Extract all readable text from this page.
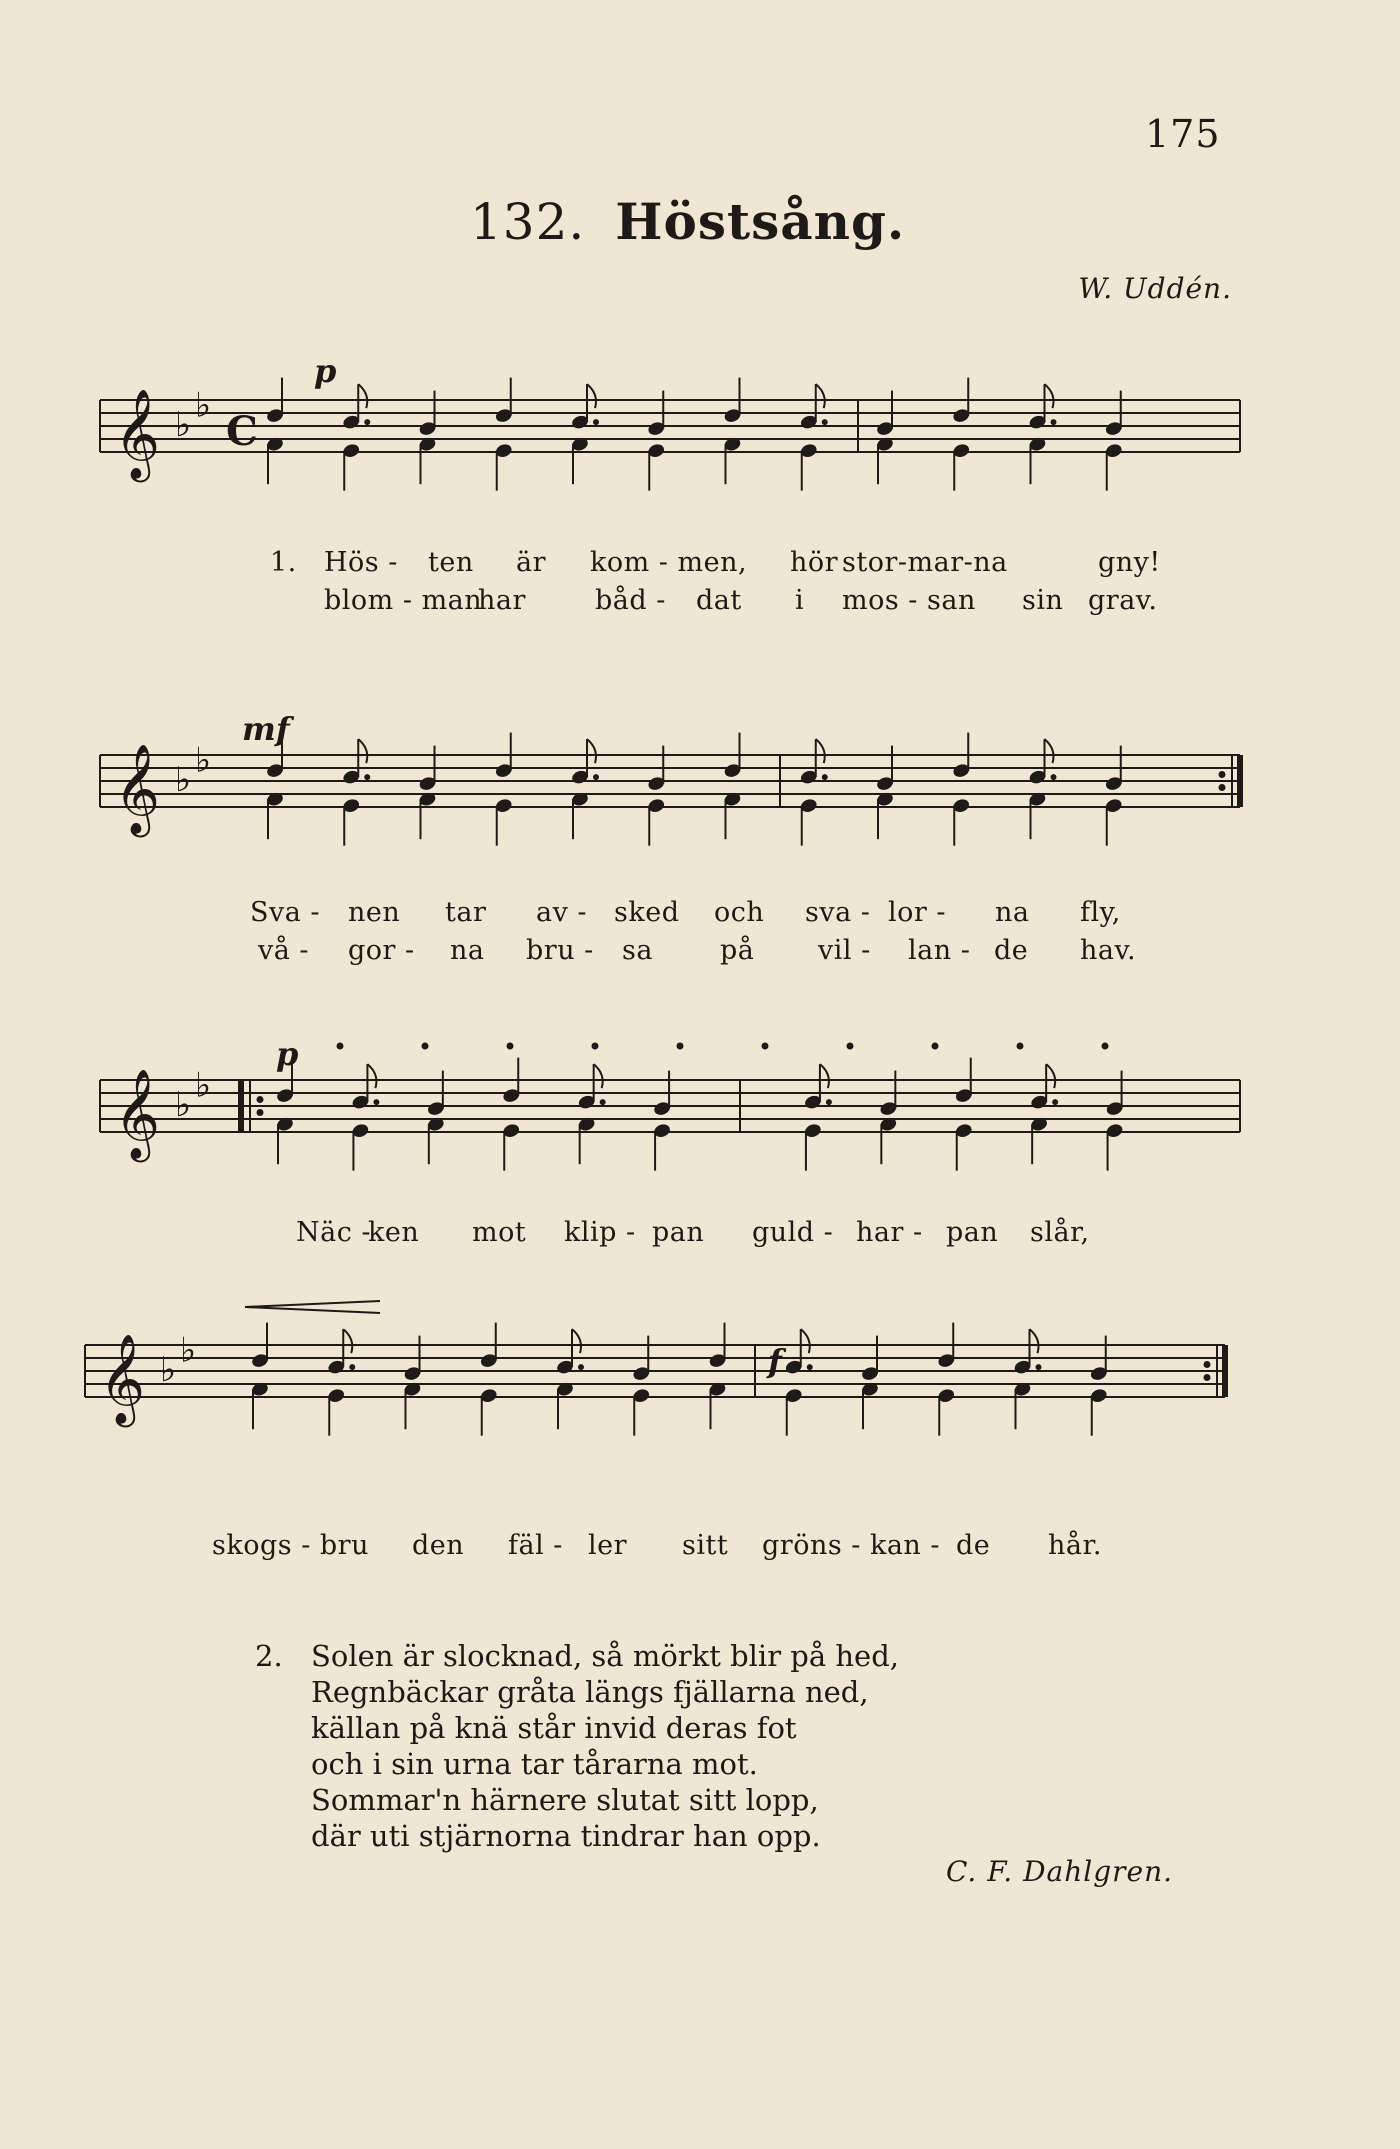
175
132. Höstsång.
W. Uddén.
p
𝄞 ♭ ♭
C
1. Hös - ten är kom - men, hör stor-mar-na	gny!
blom - man
har	båd - dat i mos - san sin grav.
mf
𝄞 ♭ ♭
Sva - nen tar av - sked och sva - lor - na fly,
vå - gor - na bru - sa på vil - lan - de hav.
p
𝄞 ♭ ♭
Näc -
ken mot klip - pan guld - har - pan slår,
f
𝄞 ♭ ♭
skogs - bru den fäl - ler sitt gröns - kan - de hår.
2. Solen är slocknad, så mörkt blir på hed,
Regnbäckar gråta längs fjällarna ned,
källan på knä står invid deras fot
och i sin urna tar tårarna mot.
Sommar'n härnere slutat sitt lopp,
där uti stjärnorna tindrar han opp.
C. F. Dahlgren.
